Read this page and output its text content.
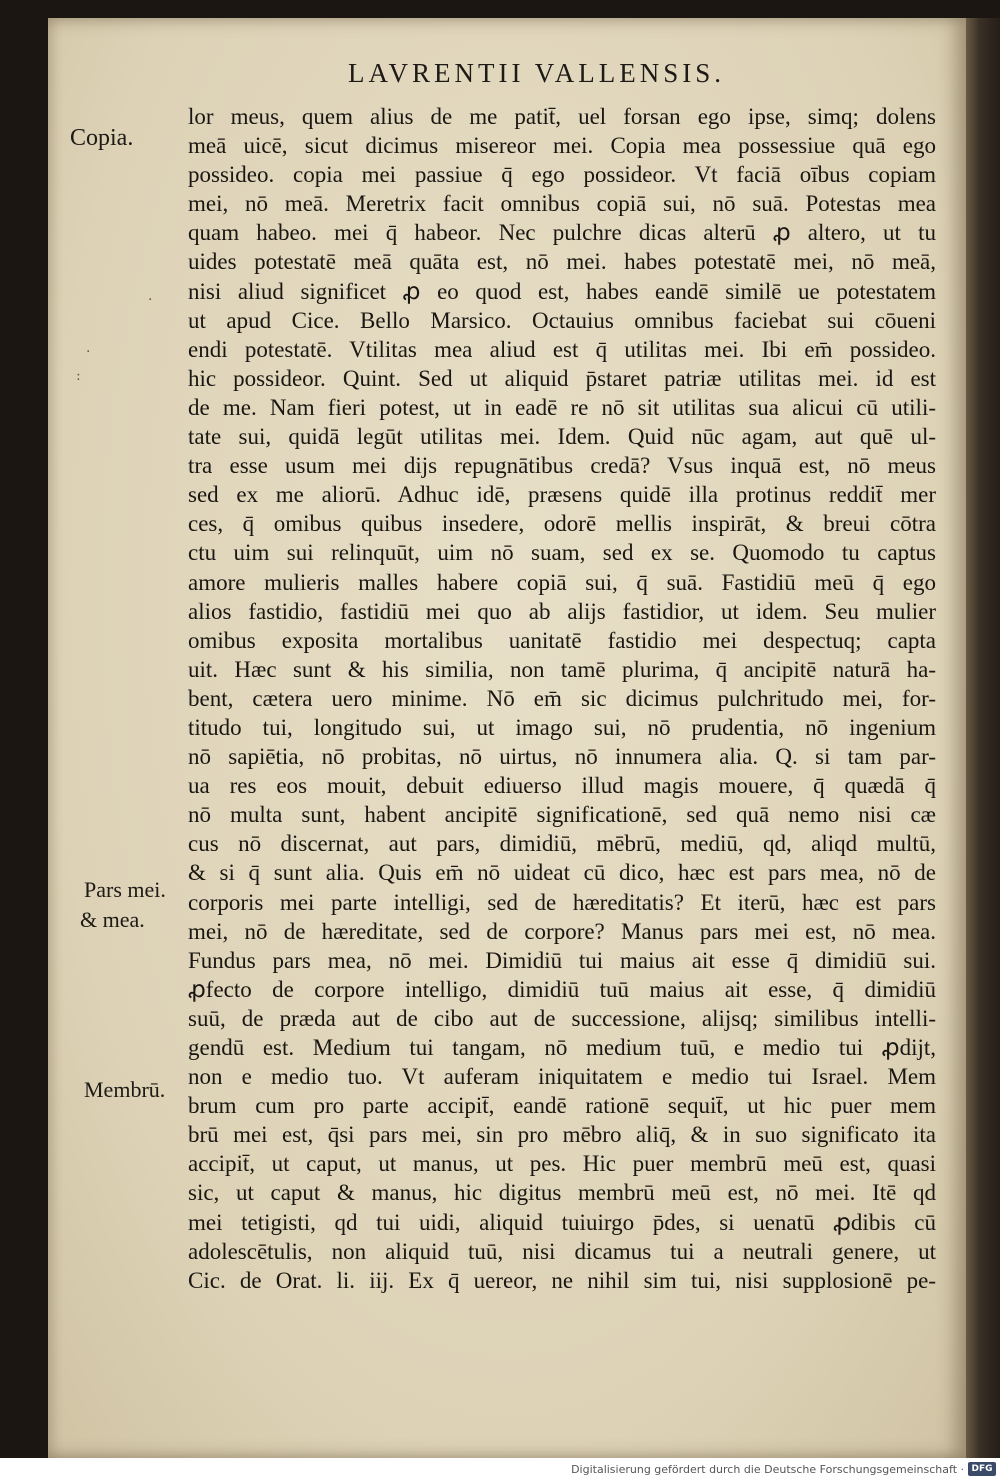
LAVRENTII VALLENSIS.
Copia.
Pars mei.
& mea.
Membrū.
·
·
:
lor meus, quem alius de me patit̄, uel forsan ego ipse, simq; dolens
meā uicē, sicut dicimus misereor mei. Copia mea possessiue quā ego
possideo. copia mei passiue q̄ ego possideor. Vt faciā oībus copiam
mei, nō meā. Meretrix facit omnibus copiā sui, nō suā. Potestas mea
quam habeo. mei q̄ habeor. Nec pulchre dicas alterū ꝓ altero, ut tu
uides potestatē meā quāta est, nō mei. habes potestatē mei, nō meā,
nisi aliud significet ꝓ eo quod est, habes eandē similē ue potestatem
ut apud Cice. Bello Marsico. Octauius omnibus faciebat sui cōueni
endi potestatē. Vtilitas mea aliud est q̄ utilitas mei. Ibi em̄ possideo.
hic possideor. Quint. Sed ut aliquid p̄staret patriæ utilitas mei. id est
de me. Nam fieri potest, ut in eadē re nō sit utilitas sua alicui cū utili-
tate sui, quidā legūt utilitas mei. Idem. Quid nūc agam, aut quē ul-
tra esse usum mei dijs repugnātibus credā? Vsus inquā est, nō meus
sed ex me aliorū. Adhuc idē, præsens quidē illa protinus reddit̄ mer
ces, q̄ omibus quibus insedere, odorē mellis inspirāt, & breui cōtra
ctu uim sui relinquūt, uim nō suam, sed ex se. Quomodo tu captus
amore mulieris malles habere copiā sui, q̄ suā. Fastidiū meū q̄ ego
alios fastidio, fastidiū mei quo ab alijs fastidior, ut idem. Seu mulier
omibus exposita mortalibus uanitatē fastidio mei despectuq; capta
uit. Hæc sunt & his similia, non tamē plurima, q̄ ancipitē naturā ha-
bent, cætera uero minime. Nō em̄ sic dicimus pulchritudo mei, for-
titudo tui, longitudo sui, ut imago sui, nō prudentia, nō ingenium
nō sapiētia, nō probitas, nō uirtus, nō innumera alia. Q. si tam par-
ua res eos mouit, debuit ediuerso illud magis mouere, q̄ quædā q̄
nō multa sunt, habent ancipitē significationē, sed quā nemo nisi cæ
cus nō discernat, aut pars, dimidiū, mēbrū, mediū, qd, aliqd multū,
& si q̄ sunt alia. Quis em̄ nō uideat cū dico, hæc est pars mea, nō de
corporis mei parte intelligi, sed de hæreditatis? Et iterū, hæc est pars
mei, nō de hæreditate, sed de corpore? Manus pars mei est, nō mea.
Fundus pars mea, nō mei. Dimidiū tui maius ait esse q̄ dimidiū sui.
ꝓfecto de corpore intelligo, dimidiū tuū maius ait esse, q̄ dimidiū
suū, de præda aut de cibo aut de successione, alijsq; similibus intelli-
gendū est. Medium tui tangam, nō medium tuū, e medio tui ꝓdijt,
non e medio tuo. Vt auferam iniquitatem e medio tui Israel. Mem
brum cum pro parte accipit̄, eandē rationē sequit̄, ut hic puer mem
brū mei est, q̄si pars mei, sin pro mēbro aliq̄, & in suo significato ita
accipit̄, ut caput, ut manus, ut pes. Hic puer membrū meū est, quasi
sic, ut caput & manus, hic digitus membrū meū est, nō mei. Itē qd
mei tetigisti, qd tui uidi, aliquid tuiuirgo p̄des, si uenatū ꝓdibis cū
adolescētulis, non aliquid tuū, nisi dicamus tui a neutrali genere, ut
Cic. de Orat. li. iij. Ex q̄ uereor, ne nihil sim tui, nisi supplosionē pe-
Digitalisierung gefördert durch die Deutsche Forschungsgemeinschaft · DFG
